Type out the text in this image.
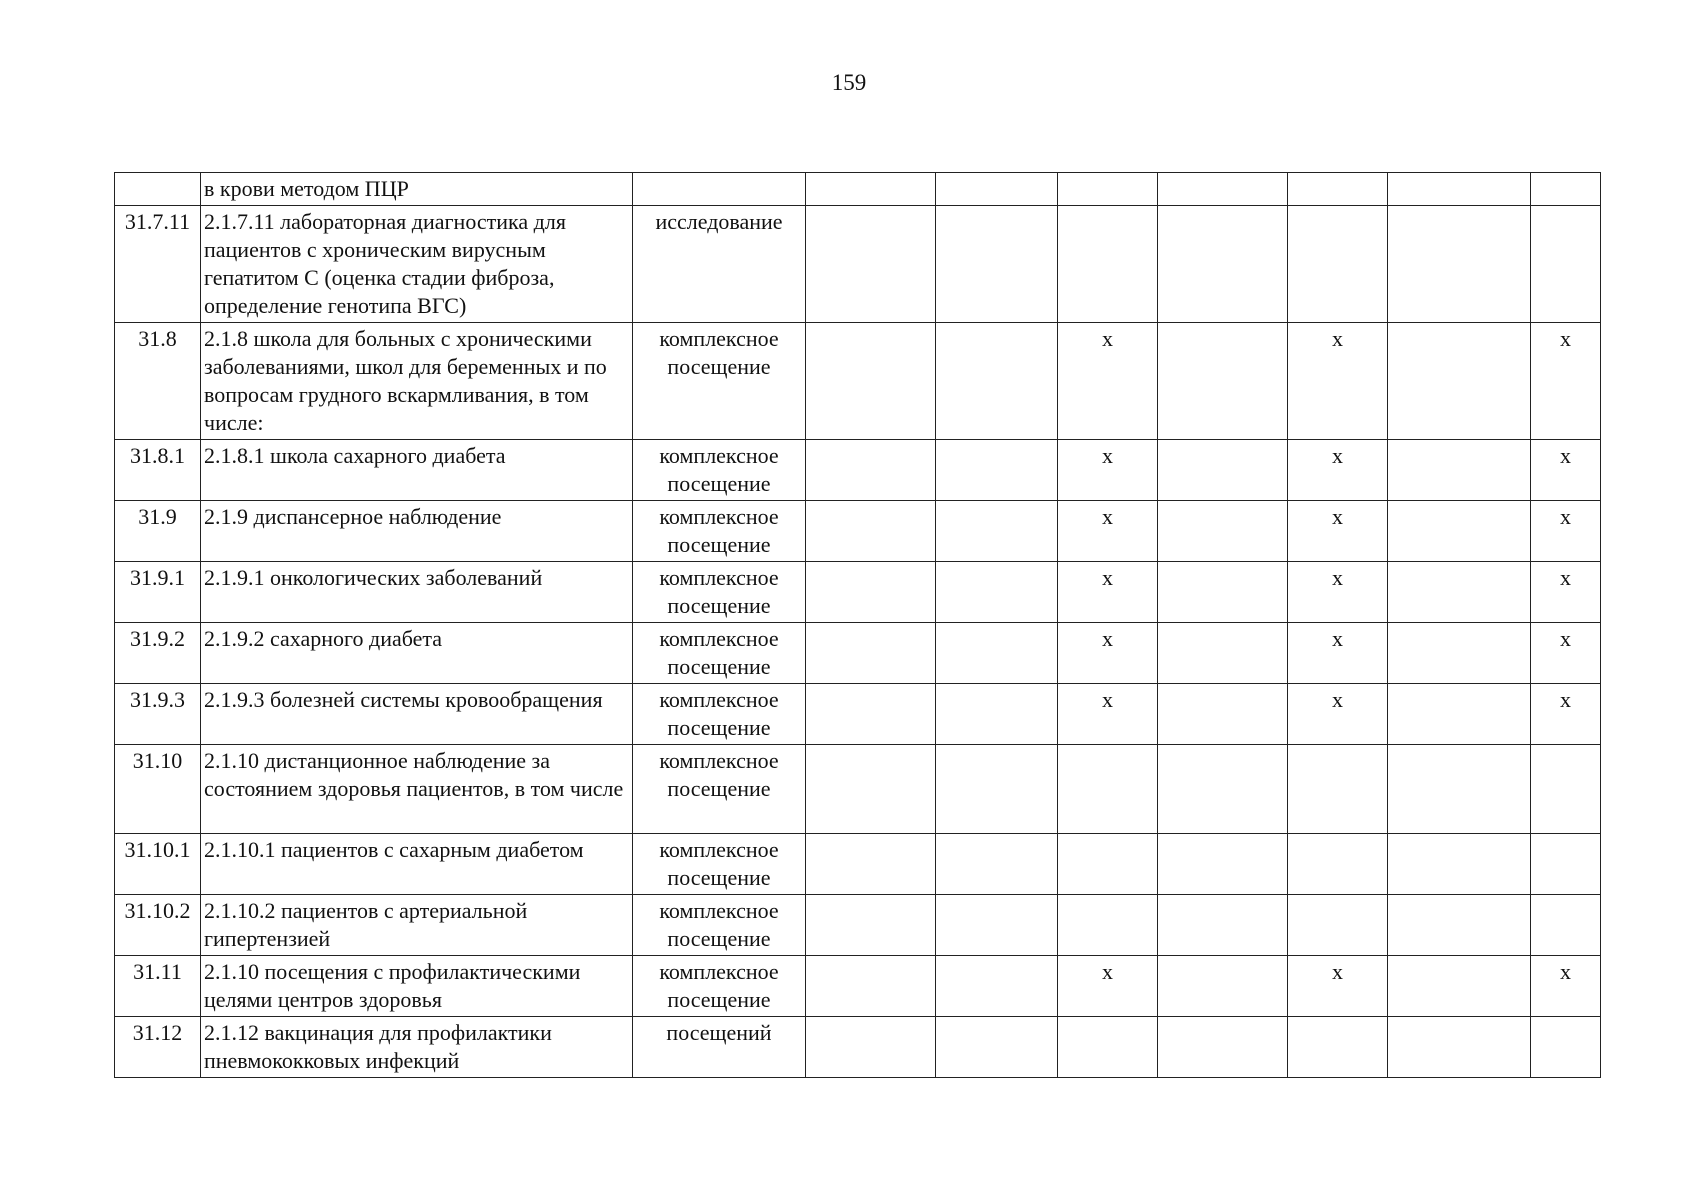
159
	в крови методом ПЦР								
31.7.11	2.1.7.11 лабораторная диагностика для пациентов с хроническим вирусным гепатитом С (оценка стадии фиброза, определение генотипа ВГС)	исследование							
31.8	2.1.8 школа для больных с хроническими заболеваниями, школ для беременных и по вопросам грудного вскармливания, в том числе:	комплексное посещение			х		х		х
31.8.1	2.1.8.1 школа сахарного диабета	комплексное посещение			х		х		х
31.9	2.1.9 диспансерное наблюдение	комплексное посещение			х		х		х
31.9.1	2.1.9.1 онкологических заболеваний	комплексное посещение			х		х		х
31.9.2	2.1.9.2 сахарного диабета	комплексное посещение			х		х		х
31.9.3	2.1.9.3 болезней системы кровообращения	комплексное посещение			х		х		х
31.10	2.1.10 дистанционное наблюдение за состоянием здоровья пациентов, в том числе	комплексное посещение							
31.10.1	2.1.10.1 пациентов с сахарным диабетом	комплексное посещение							
31.10.2	2.1.10.2 пациентов с артериальной гипертензией	комплексное посещение							
31.11	2.1.10 посещения с профилактическими целями центров здоровья	комплексное посещение			х		х		х
31.12	2.1.12 вакцинация для профилактики пневмококковых инфекций	посещений							
